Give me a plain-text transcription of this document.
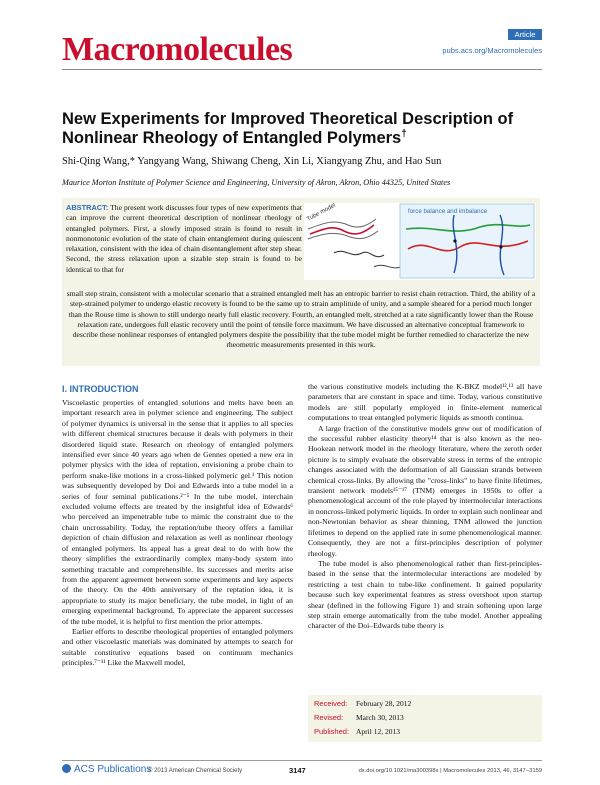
Macromolecules	Article
pubs.acs.org/Macromolecules
New Experiments for Improved Theoretical Description of Nonlinear Rheology of Entangled Polymers†
Shi-Qing Wang,* Yangyang Wang, Shiwang Cheng, Xin Li, Xiangyang Zhu, and Hao Sun
Maurice Morton Institute of Polymer Science and Engineering, University of Akron, Akron, Ohio 44325, United States
ABSTRACT: The present work discusses four types of new experiments that can improve the current theoretical description of nonlinear rheology of entangled polymers. First, a slowly imposed strain is found to result in nonmonotonic evolution of the state of chain entanglement during quiescent relaxation, consistent with the idea of chain disentanglement after step shear. Second, the stress relaxation upon a sizable step strain is found to be identical to that for
Tube model	force balance and imbalance
small step strain, consistent with a molecular scenario that a strained entangled melt has an entropic barrier to resist chain retraction. Third, the ability of a step-strained polymer to undergo elastic recovery is found to be the same up to strain amplitude of unity, and a sample sheared for a period much longer than the Rouse time is shown to still undergo nearly full elastic recovery. Fourth, an entangled melt, stretched at a rate significantly lower than the Rouse relaxation rate, undergoes full elastic recovery until the point of tensile force maximum. We have discussed an alternative conceptual framework to describe these nonlinear responses of entangled polymers despite the possibility that the tube model might be further remedied to characterize the new rheometric measurements presented in this work.
I. INTRODUCTION

Viscoelastic properties of entangled solutions and melts have been an important research area in polymer science and engineering. The subject of polymer dynamics is universal in the sense that it applies to all species with different chemical structures because it deals with polymers in their disordered liquid state. Research on rheology of entangled polymers intensified ever since 40 years ago when de Gennes opened a new era in polymer physics with the idea of reptation, envisioning a probe chain to perform snake-like motions in a cross-linked polymeric gel.¹ This notion was subsequently developed by Doi and Edwards into a tube model in a series of four seminal publications.²⁻⁵ In the tube model, interchain excluded volume effects are treated by the insightful idea of Edwards⁶ who perceived an impenetrable tube to mimic the constraint due to the chain uncrossability. Today, the reptation/tube theory offers a familiar depiction of chain diffusion and relaxation as well as nonlinear rheology of entangled polymers. Its appeal has a great deal to do with how the theory simplifies the extraordinarily complex many-body system into something tractable and comprehensible. Its successes and merits arise from the apparent agreement between some experiments and key aspects of the theory. On the 40th anniversary of the reptation idea, it is appropriate to study its major beneficiary, the tube model, in light of an emerging experimental background. To appreciate the apparent successes of the tube model, it is helpful to first mention the prior attempts.

Earlier efforts to describe rheological properties of entangled polymers and other viscoelastic materials was dominated by attempts to search for suitable constitutive equations based on continuum mechanics principles.⁷⁻¹¹ Like the Maxwell model,

the various constitutive models including the K-BKZ model¹²,¹³ all have parameters that are constant in space and time. Today, various constitutive models are still popularly employed in finite-element numerical computations to treat entangled polymeric liquids as smooth continua.

A large fraction of the constitutive models grew out of modification of the successful rubber elasticity theory¹⁴ that is also known as the neo-Hookean network model in the rheology literature, where the zeroth order picture is to simply evaluate the observable stress in terms of the entropic changes associated with the deformation of all Gaussian strands between chemical cross-links. By allowing the "cross-links" to have finite lifetimes, transient network models¹⁵⁻¹⁷ (TNM) emerges in 1950s to offer a phenomenological account of the role played by intermolecular interactions in noncross-linked polymeric liquids. In order to explain such nonlinear and non-Newtonian behavior as shear thinning, TNM allowed the junction lifetimes to depend on the applied rate in some phenomenological manner. Consequently, they are not a first-principles description of polymer rheology.

The tube model is also phenomenological rather than first-principles-based in the sense that the intermolecular interactions are modeled by restricting a test chain to tube-like confinement. It gained popularity because such key experimental features as stress overshoot upon startup shear (defined in the following Figure 1) and strain softening upon large step strain emerge automatically from the tube model. Another appealing character of the Doi–Edwards tube theory is

Received: February 28, 2012
Revised: March 30, 2013
Published: April 12, 2013
ACS Publications
© 2013 American Chemical Society	3147	dx.doi.org/10.1021/ma300398x | Macromolecules 2013, 46, 3147−3159
